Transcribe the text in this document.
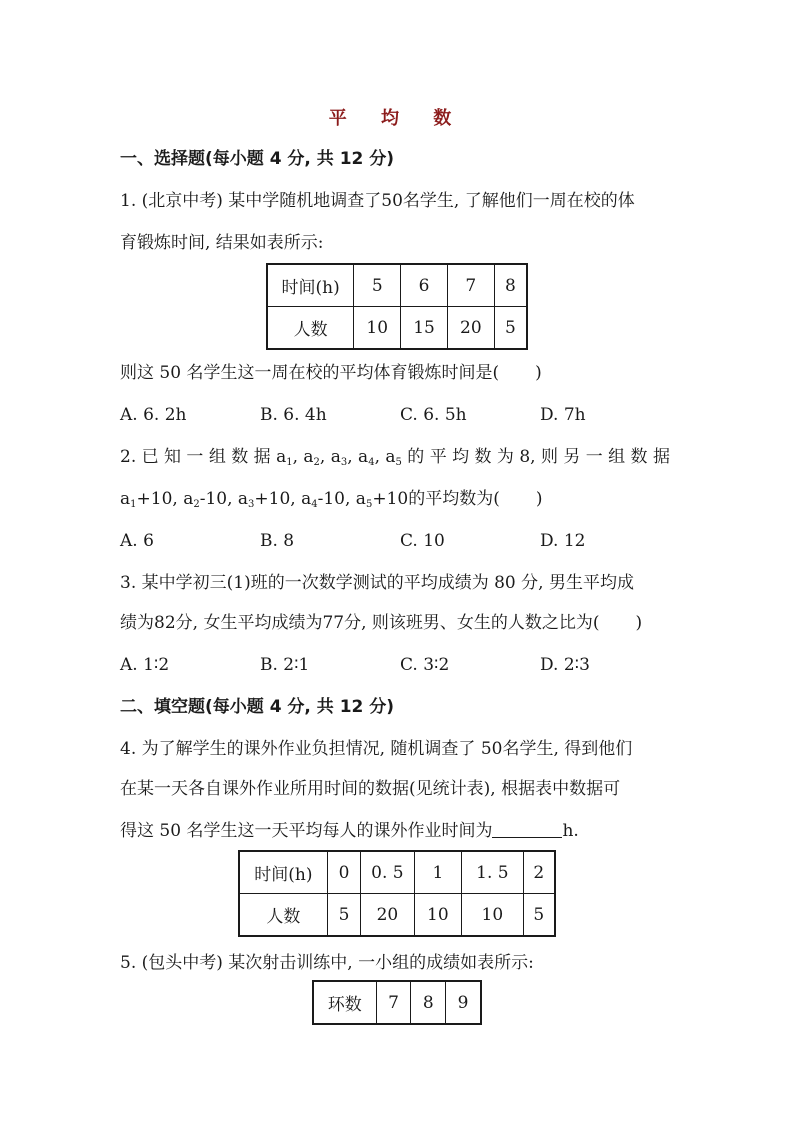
平 均 数
一、选择题(每小题 4 分, 共 12 分)
1. (北京中考) 某中学随机地调查了50名学生, 了解他们一周在校的体
育锻炼时间, 结果如表所示:
时间(h)	5	6	7	8
人数	10	15	20	5
则这 50 名学生这一周在校的平均体育锻炼时间是( )
A. 6. 2h	B. 6. 4h	C. 6. 5h	D. 7h
2. 已 知 一 组 数 据 $a_1$, $a_2$, $a_3$, $a_4$, $a_5$ 的 平 均 数 为 8, 则 另 一 组 数 据
$a_1+10$, $a_2-10$, $a_3+10$, $a_4-10$, $a_5+10$的平均数为( )
A. 6	B. 8	C. 10	D. 12
3. 某中学初三(1)班的一次数学测试的平均成绩为 80 分, 男生平均成
绩为82分, 女生平均成绩为77分, 则该班男、女生的人数之比为( )
A. 1∶2	B. 2∶1	C. 3∶2	D. 2∶3
二、填空题(每小题 4 分, 共 12 分)
4. 为了解学生的课外作业负担情况, 随机调查了 50名学生, 得到他们
在某一天各自课外作业所用时间的数据(见统计表), 根据表中数据可
得这 50 名学生这一天平均每人的课外作业时间为	h.
时间(h)	0	0. 5	1	1. 5	2
人数	5	20	10	10	5
5. (包头中考) 某次射击训练中, 一小组的成绩如表所示:
环数	7	8	9
